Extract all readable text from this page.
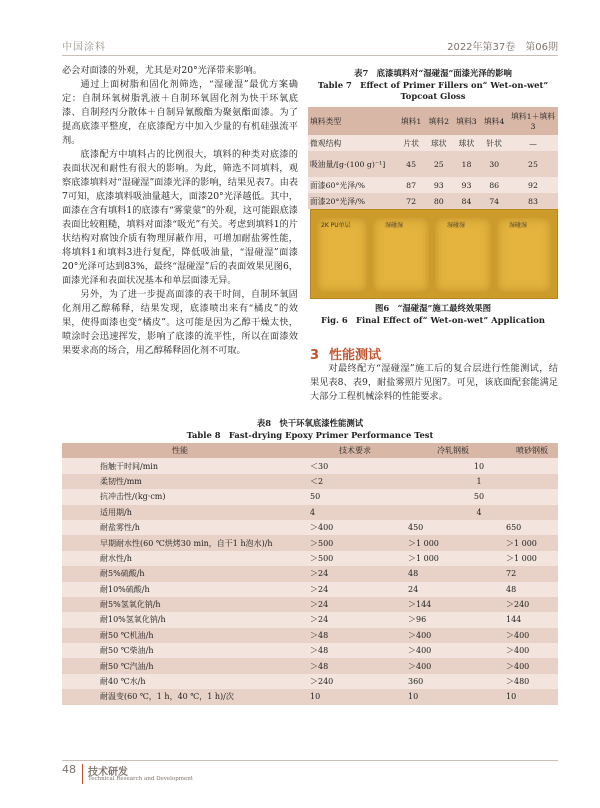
中国涂料	2022年第37卷　第06期

必会对面漆的外观，尤其是对20°光泽带来影响。

通过上面树脂和固化剂筛选，“湿碰湿”最优方案确定：自制环氧树脂乳液＋自制环氧固化剂为快干环氧底漆、自制羟丙分散体＋自制异氰酸酯为聚氨酯面漆。为了提高底漆平整度，在底漆配方中加入少量的有机硅强流平剂。

底漆配方中填料占的比例很大，填料的种类对底漆的表面状况和耐性有很大的影响。为此，筛选不同填料，观察底漆填料对“湿碰湿”面漆光泽的影响，结果见表7。由表7可知，底漆填料吸油量越大，面漆20°光泽越低。其中，面漆在含有填料1的底漆有“雾蒙蒙”的外观，这可能跟底漆表面比较粗糙，填料对面漆“吸光”有关。考虑到填料1的片状结构对腐蚀介质有物理屏蔽作用，可增加耐盐雾性能，将填料1和填料3进行复配，降低吸油量，“湿碰湿”面漆20°光泽可达到83%，最终“湿碰湿”后的表面效果见图6，面漆光泽和表面状况基本和单层面漆无异。

另外，为了进一步提高面漆的表干时间，自制环氧固化剂用乙醇稀释，结果发现，底漆喷出来有“橘皮”的效果，使得面漆也变“橘皮”。这可能是因为乙醇干燥太快，喷涂时会迅速挥发，影响了底漆的流平性，所以在面漆效果要求高的场合，用乙醇稀释固化剂不可取。

表7　底漆填料对“湿碰湿”面漆光泽的影响
Table 7　Effect of Primer Fillers on“ Wet-on-wet” Topcoat Gloss
填料类型	填料1	填料2	填料3	填料4	填料1＋填料3
微观结构	片状	球状	球状	针状	—
吸油量/[g·(100 g)⁻¹]	45	25	18	30	25
面漆60°光泽/%	87	93	93	86	92
面漆20°光泽/%	72	80	84	74	83
2K PU单层	湿碰湿	湿碰湿	湿碰湿
图6　“湿碰湿”施工最终效果图
Fig. 6　Final Effect of“ Wet-on-wet” Application
3 性能测试
对最终配方“湿碰湿”施工后的复合层进行性能测试，结果见表8、表9，耐盐雾照片见图7。可见，该底面配套能满足大部分工程机械涂料的性能要求。
表8　快干环氧底漆性能测试
Table 8　Fast-drying Epoxy Primer Performance Test
性能	技术要求	冷轧钢板	喷砂钢板
指触干时间/min	＜30	10	
柔韧性/mm	＜2	1	
抗冲击性/(kg·cm)	50	50	
适用期/h	4	4	
耐盐雾性/h	＞400	450	650
早期耐水性(60 ℃烘烤30 min，自干1 h泡水)/h	＞500	＞1 000	＞1 000
耐水性/h	＞500	＞1 000	＞1 000
耐5%硫酸/h	＞24	48	72
耐10%硫酸/h	＞24	24	48
耐5%氢氧化钠/h	＞24	＞144	＞240
耐10%氢氧化钠/h	＞24	＞96	144
耐50 ℃机油/h	＞48	＞400	＞400
耐50 ℃柴油/h	＞48	＞400	＞400
耐50 ℃汽油/h	＞48	＞400	＞400
耐40 ℃水/h	＞240	360	＞480
耐温变(60 ℃，1 h，40 ℃，1 h)/次	10	10	10
48 技术研发
Technical Research and Development
